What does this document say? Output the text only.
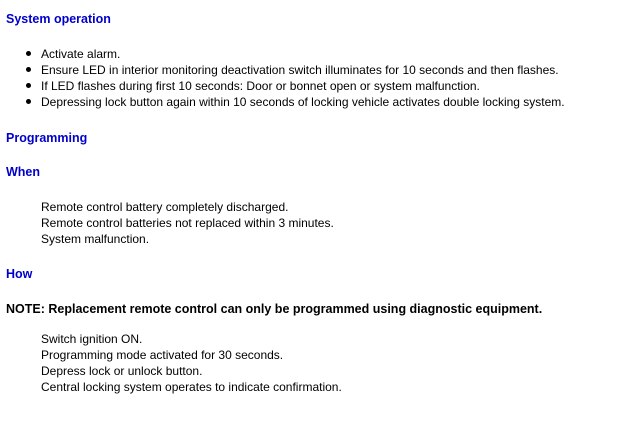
System operation
Activate alarm.
Ensure LED in interior monitoring deactivation switch illuminates for 10 seconds and then flashes.
If LED flashes during first 10 seconds: Door or bonnet open or system malfunction.
Depressing lock button again within 10 seconds of locking vehicle activates double locking system.
Programming
When
Remote control battery completely discharged.
Remote control batteries not replaced within 3 minutes.
System malfunction.
How

NOTE: Replacement remote control can only be programmed using diagnostic equipment.

Switch ignition ON.
Programming mode activated for 30 seconds.
Depress lock or unlock button.
Central locking system operates to indicate confirmation.
